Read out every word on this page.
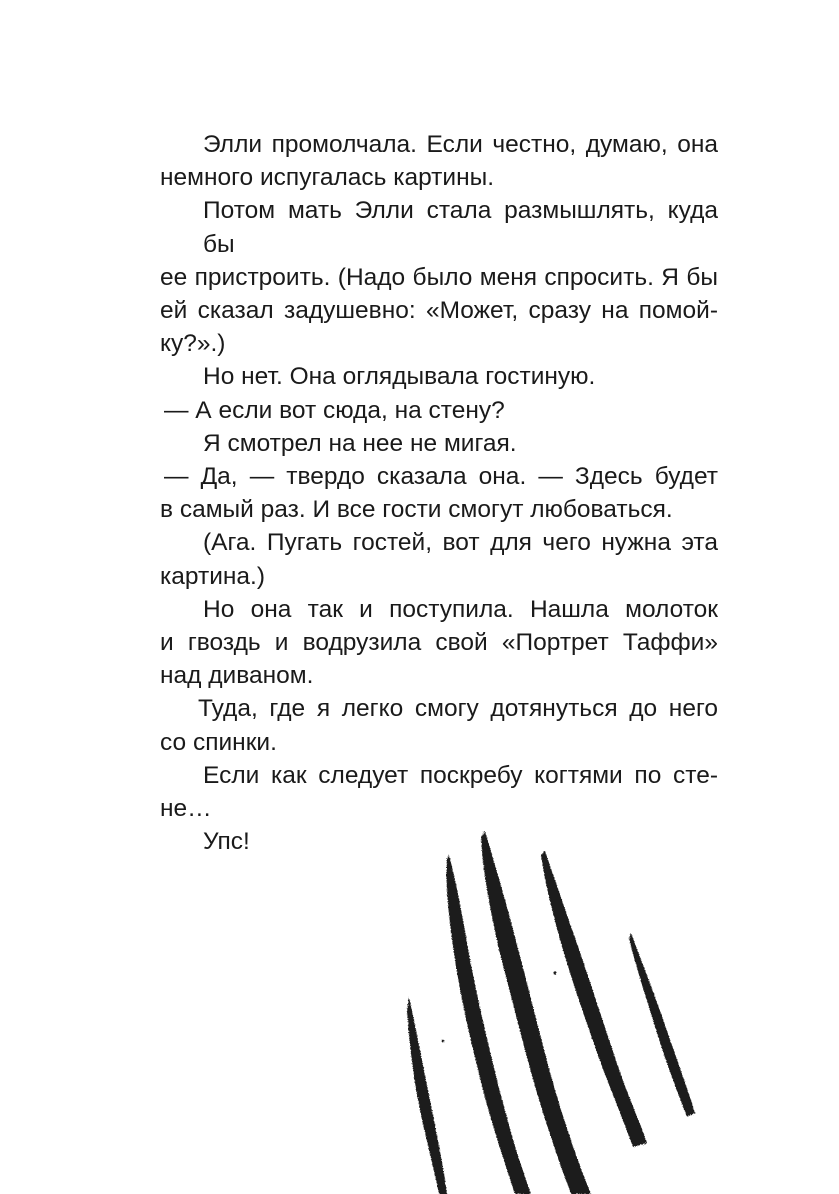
Элли промолчала. Если честно, думаю, она
немного испугалась картины.

Потом мать Элли стала размышлять, куда бы
ее пристроить. (Надо было меня спросить. Я бы
ей сказал задушевно: «Может, сразу на помой-
ку?».)

Но нет. Она оглядывала гостиную.

— А если вот сюда, на стену?

Я смотрел на нее не мигая.

— Да, — твердо сказала она. — Здесь будет
в самый раз. И все гости смогут любоваться.

(Ага. Пугать гостей, вот для чего нужна эта
картина.)

Но она так и поступила. Нашла молоток
и гвоздь и водрузила свой «Портрет Таффи»
над диваном.

Туда, где я легко смогу дотянуться до него
со спинки.

Если как следует поскребу когтями по сте-
не…

Упс!
